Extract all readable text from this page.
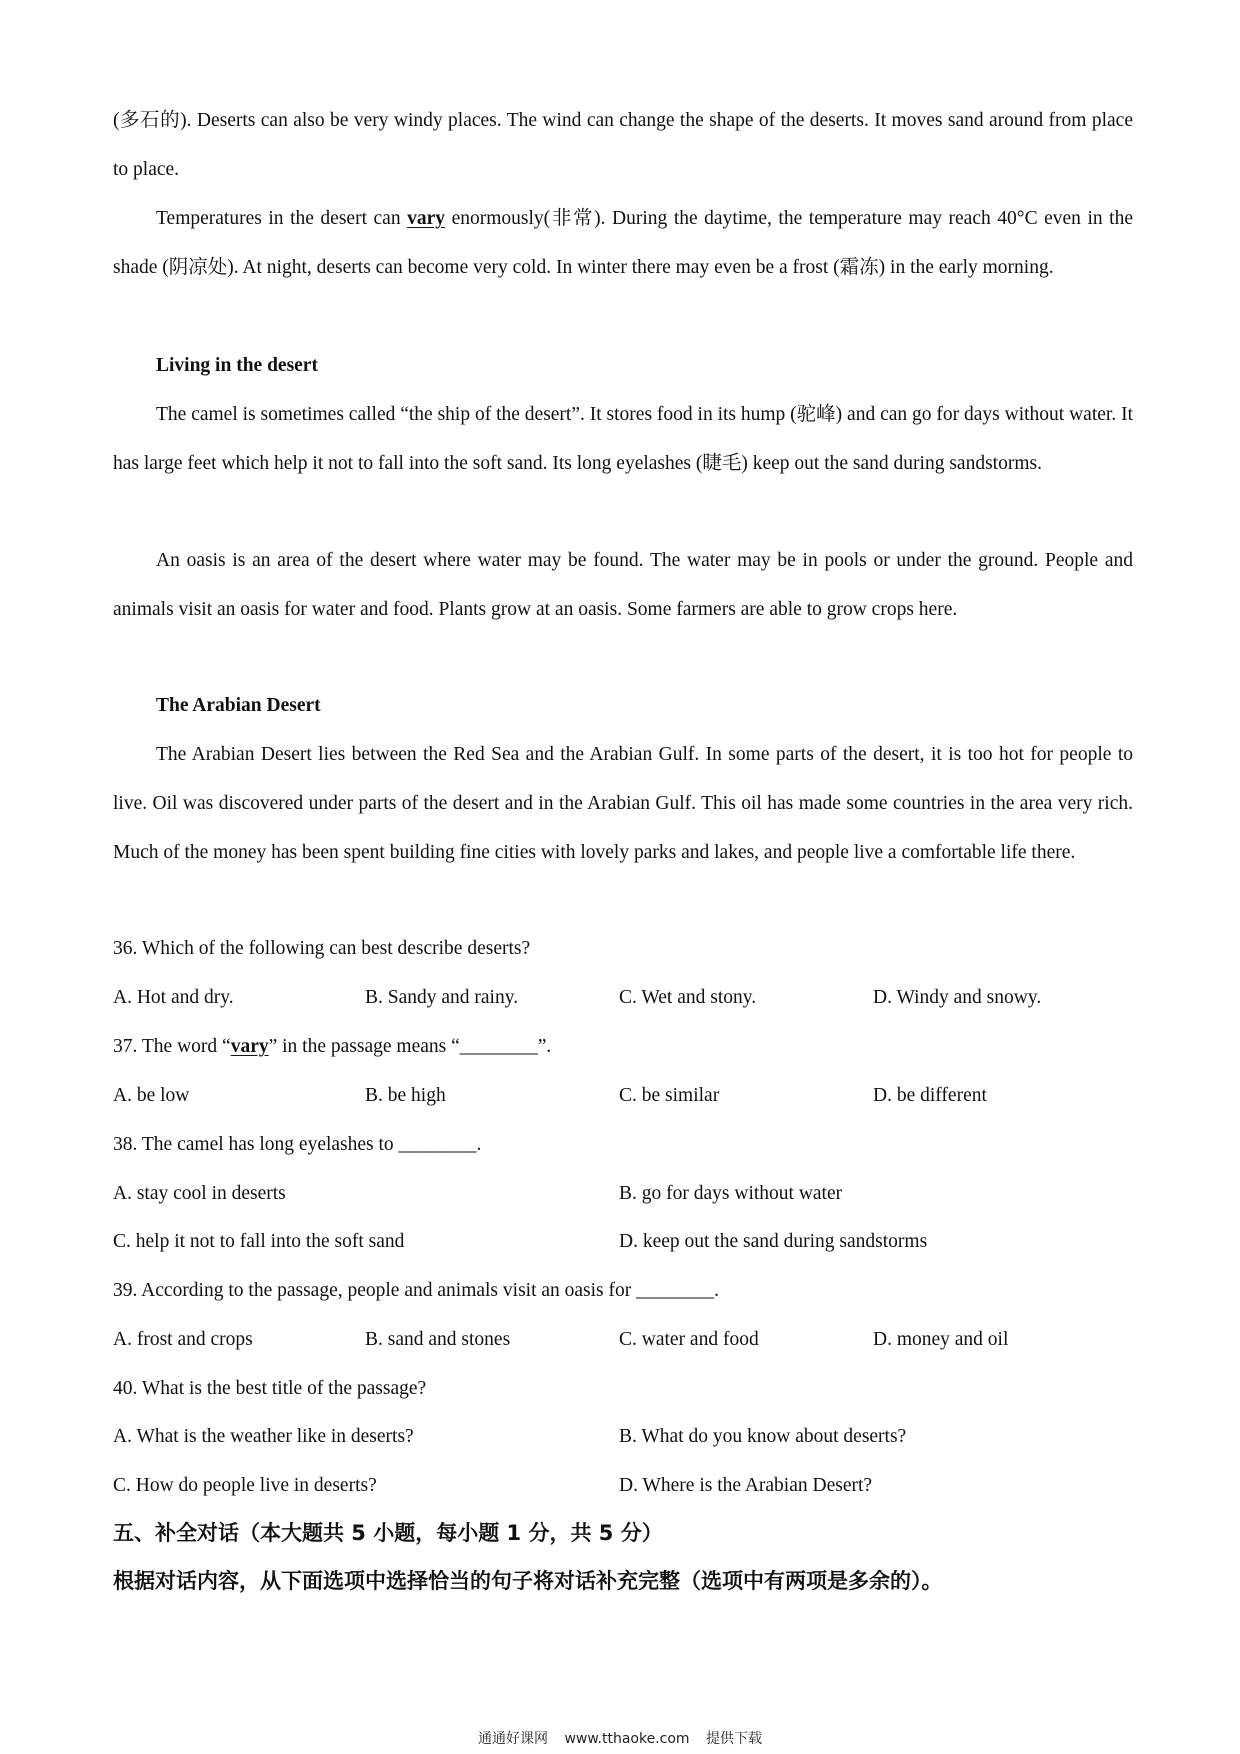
(多石的). Deserts can also be very windy places. The wind can change the shape of the deserts. It moves sand around from place to place.

Temperatures in the desert can vary enormously(非常). During the daytime, the temperature may reach 40°C even in the shade (阴凉处). At night, deserts can become very cold. In winter there may even be a frost (霜冻) in the early morning.

Living in the desert

The camel is sometimes called “the ship of the desert”. It stores food in its hump (驼峰) and can go for days without water. It has large feet which help it not to fall into the soft sand. Its long eyelashes (睫毛) keep out the sand during sandstorms.

An oasis is an area of the desert where water may be found. The water may be in pools or under the ground. People and animals visit an oasis for water and food. Plants grow at an oasis. Some farmers are able to grow crops here.

The Arabian Desert

The Arabian Desert lies between the Red Sea and the Arabian Gulf. In some parts of the desert, it is too hot for people to live. Oil was discovered under parts of the desert and in the Arabian Gulf. This oil has made some countries in the area very rich. Much of the money has been spent building fine cities with lovely parks and lakes, and people live a comfortable life there.

36. Which of the following can best describe deserts?
A. Hot and dry.	B. Sandy and rainy.	C. Wet and stony.	D. Windy and snowy.
37. The word “vary” in the passage means “________”.
A. be low	B. be high	C. be similar	D. be different
38. The camel has long eyelashes to ________.
A. stay cool in deserts	B. go for days without water
C. help it not to fall into the soft sand	D. keep out the sand during sandstorms
39. According to the passage, people and animals visit an oasis for ________.
A. frost and crops	B. sand and stones	C. water and food	D. money and oil
40. What is the best title of the passage?
A. What is the weather like in deserts?	B. What do you know about deserts?
C. How do people live in deserts?	D. Where is the Arabian Desert?
五、补全对话（本大题共 5 小题，每小题 1 分，共 5 分）
根据对话内容，从下面选项中选择恰当的句子将对话补充完整（选项中有两项是多余的）。
通通好课网 www.tthaoke.com 提供下载
